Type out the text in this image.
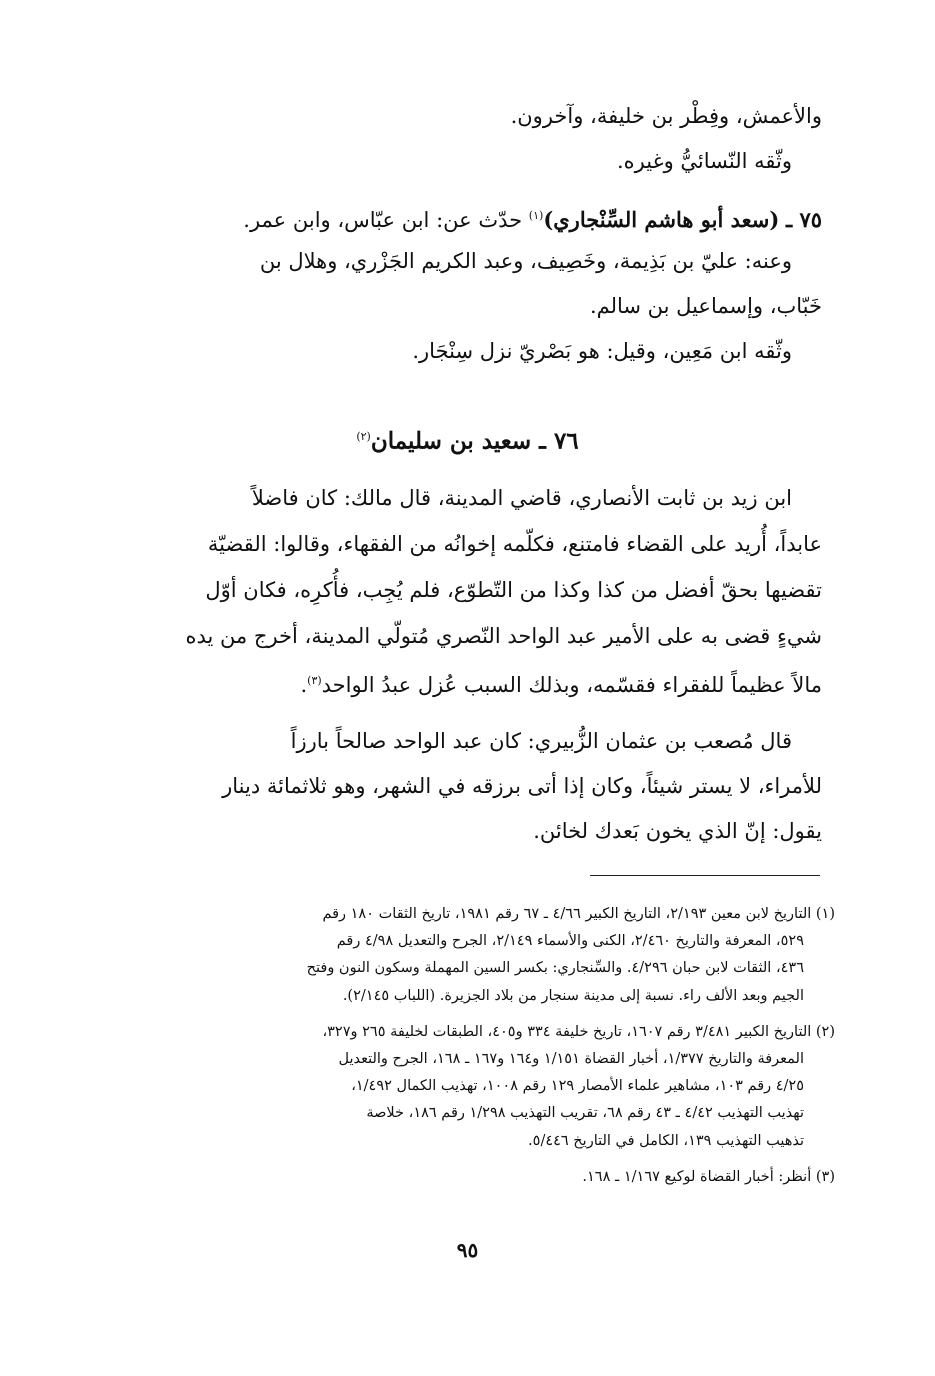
والأعمش، وفِطْر بن خليفة، وآخرون.

وثّقه النّسائيُّ وغيره.

٧٥ ـ (سعد أبو هاشم السِّنْجاري)$^{(١)}$ حدّث عن: ابن عبّاس، وابن عمر.

وعنه: عليّ بن بَذِيمة، وخَصِيف، وعبد الكريم الجَزْري، وهلال بن

خَبّاب، وإسماعيل بن سالم.

وثّقه ابن مَعِين، وقيل: هو بَصْريّ نزل سِنْجَار.

٧٦ ـ سعيد بن سليمان$^{(٢)}$

ابن زيد بن ثابت الأنصاري، قاضي المدينة، قال مالك: كان فاضلاً

عابداً، أُريد على القضاء فامتنع، فكلّمه إخوانُه من الفقهاء، وقالوا: القضيّة

تقضيها بحقّ أفضل من كذا وكذا من التّطوّع، فلم يُجِب، فأُكرِه، فكان أوّل

شيءٍ قضى به على الأمير عبد الواحد النّصري مُتولّي المدينة، أخرج من يده

مالاً عظيماً للفقراء فقسّمه، وبذلك السبب عُزل عبدُ الواحد$^{(٣)}$.

قال مُصعب بن عثمان الزُّبيري: كان عبد الواحد صالحاً بارزاً

للأمراء، لا يستر شيئاً، وكان إذا أتى برزقه في الشهر، وهو ثلاثمائة دينار

يقول: إنّ الذي يخون بَعدك لخائن.

(١) التاريخ لابن معين ٢/١٩٣، التاريخ الكبير ٤/٦٦ ـ ٦٧ رقم ١٩٨١، تاريخ الثقات ١٨٠ رقم

٥٢٩، المعرفة والتاريخ ٢/٤٦٠، الكنى والأسماء ٢/١٤٩، الجرح والتعديل ٤/٩٨ رقم

٤٣٦، الثقات لابن حبان ٤/٢٩٦. والسِّنجاري: بكسر السين المهملة وسكون النون وفتح

الجيم وبعد الألف راء. نسبة إلى مدينة سنجار من بلاد الجزيرة. (اللباب ٢/١٤٥).

(٢) التاريخ الكبير ٣/٤٨١ رقم ١٦٠٧، تاريخ خليفة ٣٣٤ و٤٠٥، الطبقات لخليفة ٢٦٥ و٣٢٧،

المعرفة والتاريخ ١/٣٧٧، أخبار القضاة ١/١٥١ و١٦٤ و١٦٧ ـ ١٦٨، الجرح والتعديل

٤/٢٥ رقم ١٠٣، مشاهير علماء الأمصار ١٢٩ رقم ١٠٠٨، تهذيب الكمال ١/٤٩٢،

تهذيب التهذيب ٤/٤٢ ـ ٤٣ رقم ٦٨، تقريب التهذيب ١/٢٩٨ رقم ١٨٦، خلاصة

تذهيب التهذيب ١٣٩، الكامل في التاريخ ٥/٤٤٦.

(٣) أنظر: أخبار القضاة لوكيع ١/١٦٧ ـ ١٦٨.

٩٥
